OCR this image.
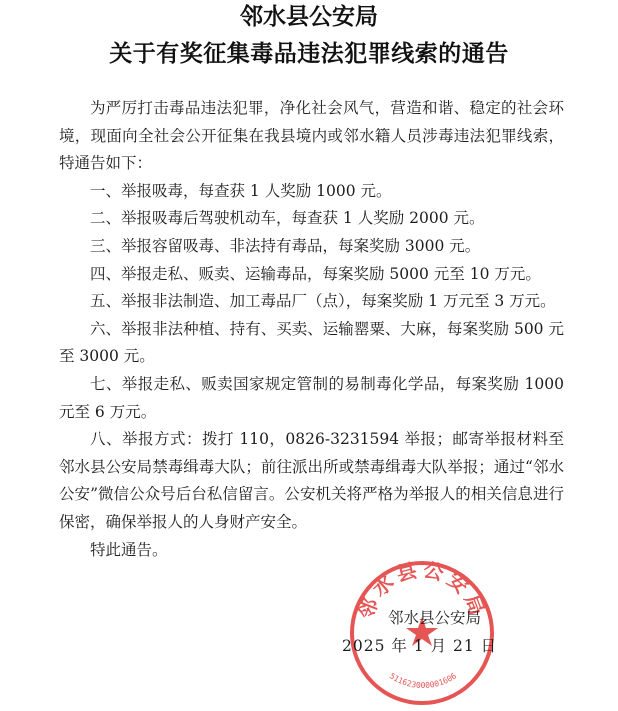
邻水县公安局
关于有奖征集毒品违法犯罪线索的通告

为严厉打击毒品违法犯罪，净化社会风气，营造和谐、稳定的社会环境，现面向全社会公开征集在我县境内或邻水籍人员涉毒违法犯罪线索，特通告如下：

一、举报吸毒，每查获 1 人奖励 1000 元。

二、举报吸毒后驾驶机动车，每查获 1 人奖励 2000 元。

三、举报容留吸毒、非法持有毒品，每案奖励 3000 元。

四、举报走私、贩卖、运输毒品，每案奖励 5000 元至 10 万元。

五、举报非法制造、加工毒品厂（点），每案奖励 1 万元至 3 万元。

六、举报非法种植、持有、买卖、运输罂粟、大麻，每案奖励 500 元至 3000 元。

七、举报走私、贩卖国家规定管制的易制毒化学品，每案奖励 1000 元至 6 万元。

八、举报方式：拨打 110，0826-3231594 举报；邮寄举报材料至邻水县公安局禁毒缉毒大队；前往派出所或禁毒缉毒大队举报；通过“邻水公安”微信公众号后台私信留言。公安机关将严格为举报人的相关信息进行保密，确保举报人的人身财产安全。

特此通告。

邻水县公安局
511623000001606
邻水县公安局
2025 年 1 月 21 日
